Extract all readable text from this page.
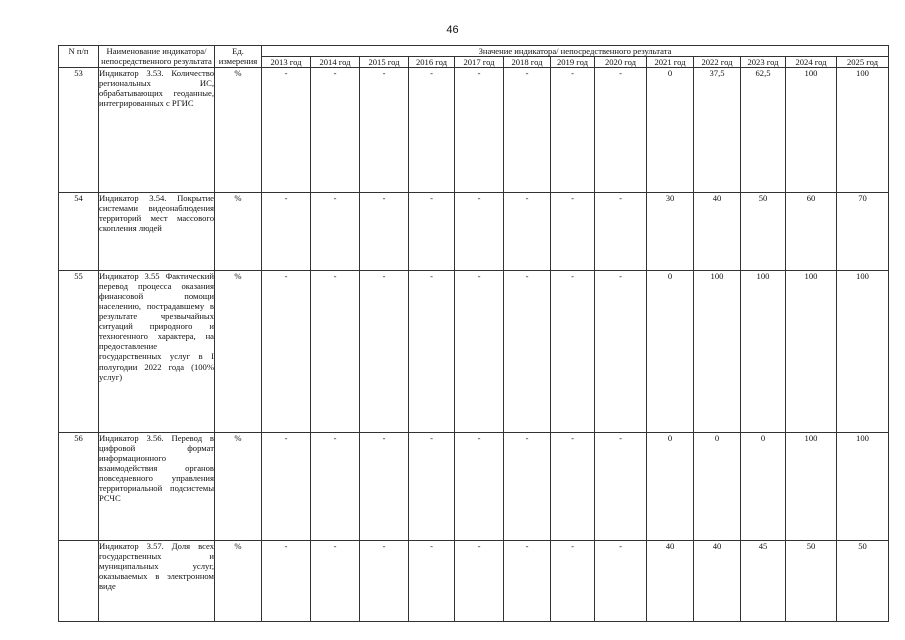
46
N п/п	Наименование индикатора/непосредственного результата	Ед. измерения	Значение индикатора/ непосредственного результата												
			2013 год	2014 год	2015 год	2016 год	2017 год	2018 год	2019 год	2020 год	2021 год	2022 год	2023 год	2024 год	2025 год
53	Индикатор 3.53. Количество региональных ИС, обрабатывающих геоданные, интегрированных с РГИС	%	-	-	-	-	-	-	-	-	0	37,5	62,5	100	100
54	Индикатор 3.54. Покрытие системами видеонаблюдения территорий мест массового скопления людей	%	-	-	-	-	-	-	-	-	30	40	50	60	70
55	Индикатор 3.55 Фактический перевод процесса оказания финансовой помощи населению, пострадавшему в результате чрезвычайных ситуаций природного и техногенного характера, на предоставление государственных услуг в I полугодии 2022 года (100% услуг)	%	-	-	-	-	-	-	-	-	0	100	100	100	100
56	Индикатор 3.56. Перевод в цифровой формат информационного взаимодействия органов повседневного управления территориальной подсистемы РСЧС	%	-	-	-	-	-	-	-	-	0	0	0	100	100
	Индикатор 3.57. Доля всех государственных и муниципальных услуг, оказываемых в электронном виде	%	-	-	-	-	-	-	-	-	40	40	45	50	50
